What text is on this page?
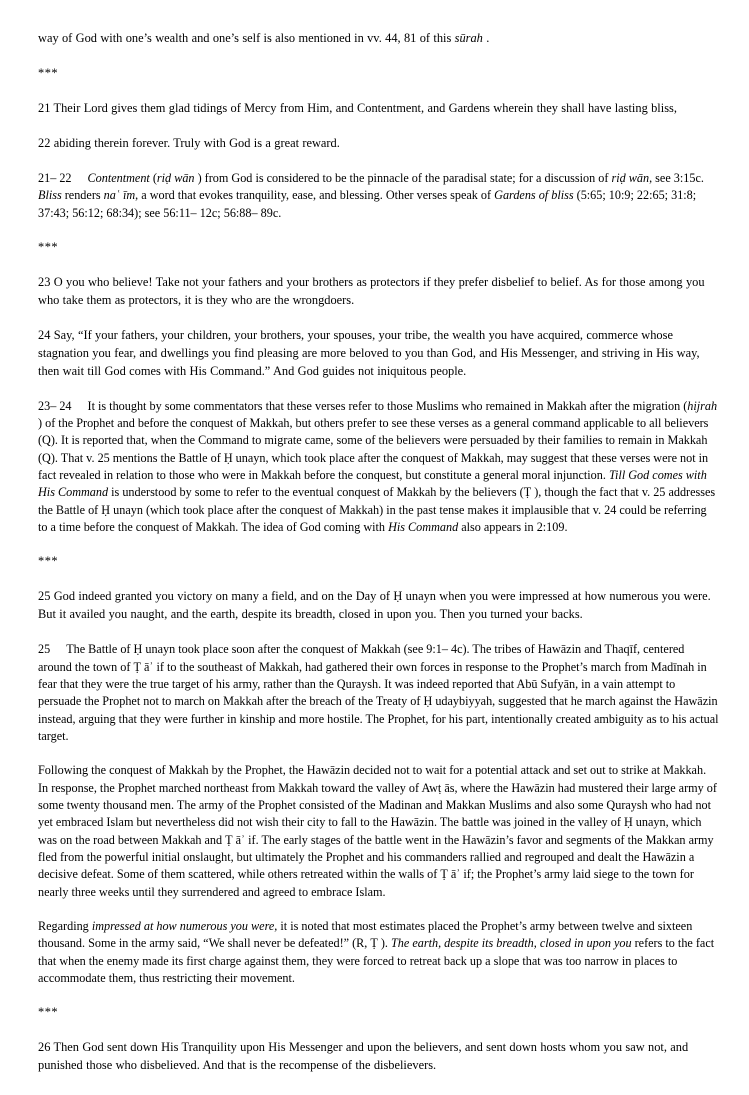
way of God with one’s wealth and one’s self is also mentioned in vv. 44, 81 of this sūrah .

***

21 Their Lord gives them glad tidings of Mercy from Him, and Contentment, and Gardens wherein they shall have lasting bliss,

22 abiding therein forever. Truly with God is a great reward.

21– 22 Contentment (riḍ wān ) from God is considered to be the pinnacle of the paradisal state; for a discussion of riḍ wān, see 3:15c. Bliss renders naʿ īm, a word that evokes tranquility, ease, and blessing. Other verses speak of Gardens of bliss (5:65; 10:9; 22:65; 31:8; 37:43; 56:12; 68:34); see 56:11– 12c; 56:88– 89c.

***

23 O you who believe! Take not your fathers and your brothers as protectors if they prefer disbelief to belief. As for those among you who take them as protectors, it is they who are the wrongdoers.

24 Say, “If your fathers, your children, your brothers, your spouses, your tribe, the wealth you have acquired, commerce whose stagnation you fear, and dwellings you find pleasing are more beloved to you than God, and His Messenger, and striving in His way, then wait till God comes with His Command.” And God guides not iniquitous people.

23– 24 It is thought by some commentators that these verses refer to those Muslims who remained in Makkah after the migration (hijrah ) of the Prophet and before the conquest of Makkah, but others prefer to see these verses as a general command applicable to all believers (Q). It is reported that, when the Command to migrate came, some of the believers were persuaded by their families to remain in Makkah (Q). That v. 25 mentions the Battle of Ḥ unayn, which took place after the conquest of Makkah, may suggest that these verses were not in fact revealed in relation to those who were in Makkah before the conquest, but constitute a general moral injunction. Till God comes with His Command is understood by some to refer to the eventual conquest of Makkah by the believers (Ṭ ), though the fact that v. 25 addresses the Battle of Ḥ unayn (which took place after the conquest of Makkah) in the past tense makes it implausible that v. 24 could be referring to a time before the conquest of Makkah. The idea of God coming with His Command also appears in 2:109.

***

25 God indeed granted you victory on many a field, and on the Day of Ḥ unayn when you were impressed at how numerous you were. But it availed you naught, and the earth, despite its breadth, closed in upon you. Then you turned your backs.

25 The Battle of Ḥ unayn took place soon after the conquest of Makkah (see 9:1– 4c). The tribes of Hawāzin and Thaqīf, centered around the town of Ṭ āʾ if to the southeast of Makkah, had gathered their own forces in response to the Prophet’s march from Madīnah in fear that they were the true target of his army, rather than the Quraysh. It was indeed reported that Abū Sufyān, in a vain attempt to persuade the Prophet not to march on Makkah after the breach of the Treaty of Ḥ udaybiyyah, suggested that he march against the Hawāzin instead, arguing that they were further in kinship and more hostile. The Prophet, for his part, intentionally created ambiguity as to his actual target.

Following the conquest of Makkah by the Prophet, the Hawāzin decided not to wait for a potential attack and set out to strike at Makkah. In response, the Prophet marched northeast from Makkah toward the valley of Awṭ ās, where the Hawāzin had mustered their large army of some twenty thousand men. The army of the Prophet consisted of the Madinan and Makkan Muslims and also some Quraysh who had not yet embraced Islam but nevertheless did not wish their city to fall to the Hawāzin. The battle was joined in the valley of Ḥ unayn, which was on the road between Makkah and Ṭ āʾ if. The early stages of the battle went in the Hawāzin’s favor and segments of the Makkan army fled from the powerful initial onslaught, but ultimately the Prophet and his commanders rallied and regrouped and dealt the Hawāzin a decisive defeat. Some of them scattered, while others retreated within the walls of Ṭ āʾ if; the Prophet’s army laid siege to the town for nearly three weeks until they surrendered and agreed to embrace Islam.

Regarding impressed at how numerous you were, it is noted that most estimates placed the Prophet’s army between twelve and sixteen thousand. Some in the army said, “We shall never be defeated!” (R, Ṭ ). The earth, despite its breadth, closed in upon you refers to the fact that when the enemy made its first charge against them, they were forced to retreat back up a slope that was too narrow in places to accommodate them, thus restricting their movement.

***

26 Then God sent down His Tranquility upon His Messenger and upon the believers, and sent down hosts whom you saw not, and punished those who disbelieved. And that is the recompense of the disbelievers.
